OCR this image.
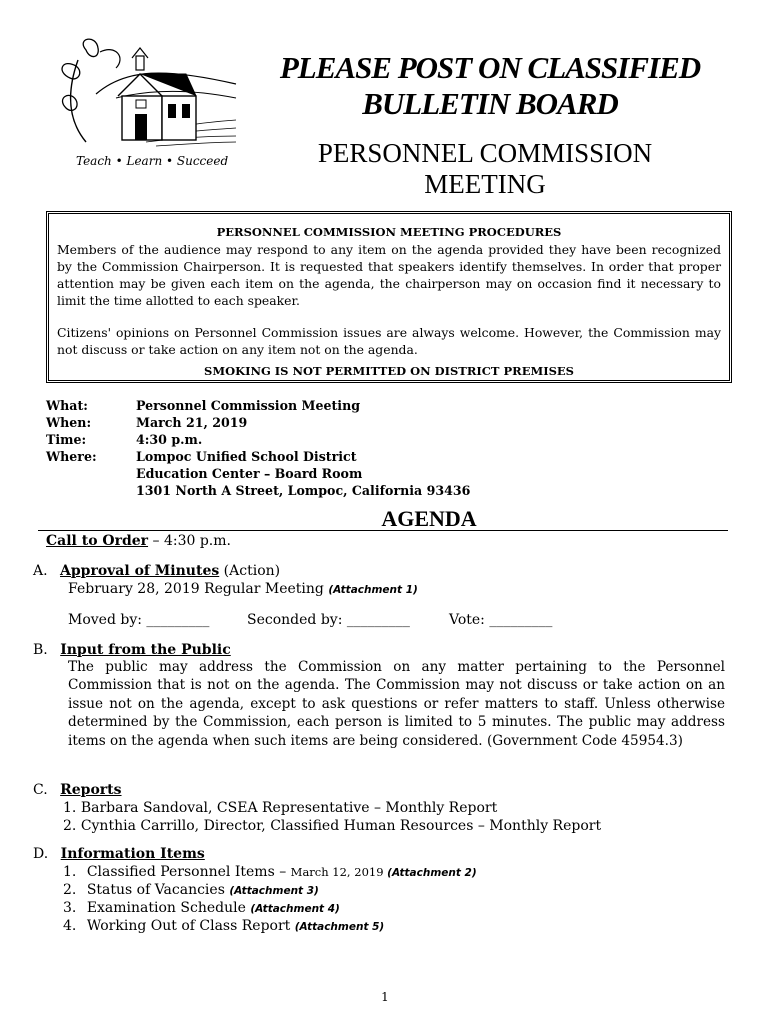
Teach • Learn • Succeed
PLEASE POST ON CLASSIFIED
BULLETIN BOARD
PERSONNEL COMMISSION
MEETING

PERSONNEL COMMISSION MEETING PROCEDURES

Members of the audience may respond to any item on the agenda provided they have been recognized by the Commission Chairperson. It is requested that speakers identify themselves. In order that proper attention may be given each item on the agenda, the chairperson may on occasion find it necessary to limit the time allotted to each speaker.

Citizens' opinions on Personnel Commission issues are always welcome. However, the Commission may not discuss or take action on any item not on the agenda.

SMOKING IS NOT PERMITTED ON DISTRICT PREMISES

What:	Personnel Commission Meeting
When:	March 21, 2019
Time:	4:30 p.m.
Where:	Lompoc Unified School District
Education Center – Board Room
1301 North A Street, Lompoc, California 93436
AGENDA
Call to Order – 4:30 p.m.
A. Approval of Minutes (Action)
February 28, 2019 Regular Meeting (Attachment 1)
Moved by: _________	Seconded by: _________	Vote: _________
B. Input from the Public
The public may address the Commission on any matter pertaining to the Personnel Commission that is not on the agenda. The Commission may not discuss or take action on an issue not on the agenda, except to ask questions or refer matters to staff. Unless otherwise determined by the Commission, each person is limited to 5 minutes. The public may address items on the agenda when such items are being considered. (Government Code 45954.3)
C. Reports
1. Barbara Sandoval, CSEA Representative – Monthly Report
2. Cynthia Carrillo, Director, Classified Human Resources – Monthly Report
D. Information Items
1. Classified Personnel Items – March 12, 2019 (Attachment 2)
2. Status of Vacancies (Attachment 3)
3. Examination Schedule (Attachment 4)
4. Working Out of Class Report (Attachment 5)
1
